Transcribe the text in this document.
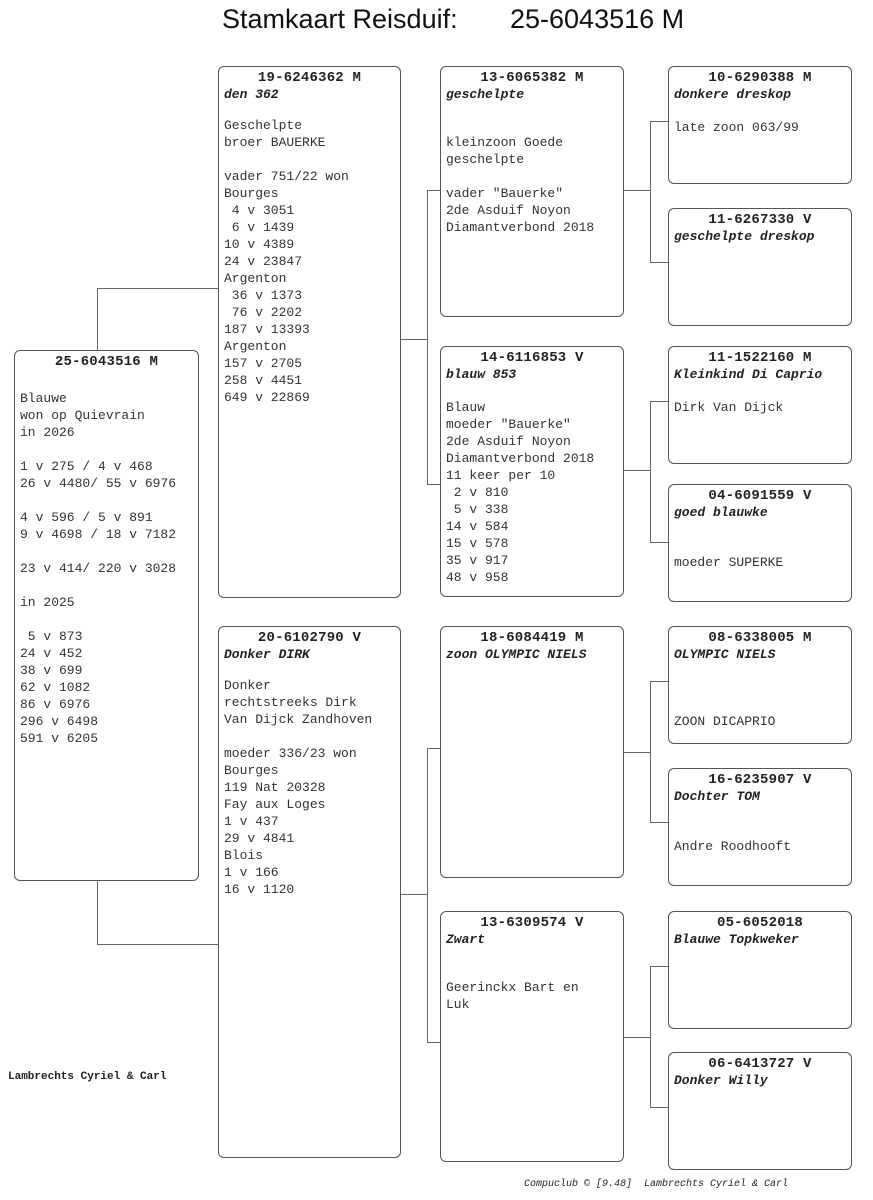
Stamkaart Reisduif:

25-6043516 M

25-6043516 M
Blauwe
won op Quievrain
in 2026

1 v 275 / 4 v 468
26 v 4480/ 55 v 6976

4 v 596 / 5 v 891
9 v 4698 / 18 v 7182

23 v 414/ 220 v 3028

in 2025

5 v 873
24 v 452
38 v 699
62 v 1082
86 v 6976
296 v 6498
591 v 6205
19-6246362 M
den 362
Geschelpte
broer BAUERKE

vader 751/22 won
Bourges
4 v 3051
6 v 1439
10 v 4389
24 v 23847
Argenton
36 v 1373
76 v 2202
187 v 13393
Argenton
157 v 2705
258 v 4451
649 v 22869
20-6102790 V
Donker DIRK
Donker
rechtstreeks Dirk
Van Dijck Zandhoven

moeder 336/23 won
Bourges
119 Nat 20328
Fay aux Loges
1 v 437
29 v 4841
Blois
1 v 166
16 v 1120
13-6065382 M
geschelpte

kleinzoon Goede
geschelpte

vader "Bauerke"
2de Asduif Noyon
Diamantverbond 2018
14-6116853 V
blauw 853

Blauw
moeder "Bauerke"
2de Asduif Noyon
Diamantverbond 2018
11 keer per 10
2 v 810
5 v 338
14 v 584
15 v 578
35 v 917
48 v 958
18-6084419 M
zoon OLYMPIC NIELS
13-6309574 V
Zwart

Geerinckx Bart en
Luk
10-6290388 M
donkere dreskop

late zoon 063/99
11-6267330 V
geschelpte dreskop
11-1522160 M
Kleinkind Di Caprio

Dirk Van Dijck
04-6091559 V
goed blauwke

moeder SUPERKE
08-6338005 M
OLYMPIC NIELS

ZOON DICAPRIO
16-6235907 V
Dochter TOM

Andre Roodhooft
05-6052018
Blauwe Topkweker
06-6413727 V
Donker Willy
Lambrechts Cyriel & Carl
Compuclub © [9.48]  Lambrechts Cyriel & Carl
